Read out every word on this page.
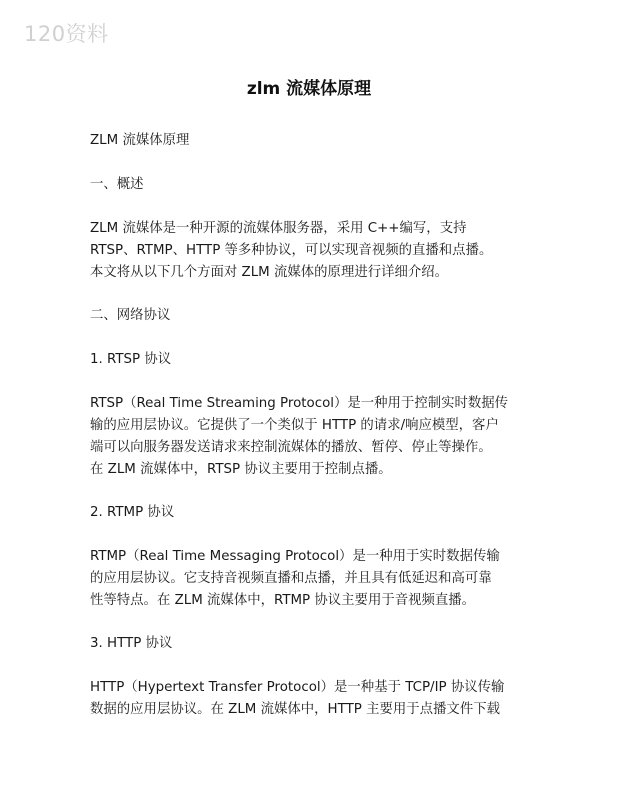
120资料
zlm 流媒体原理

ZLM 流媒体原理

一、概述

ZLM 流媒体是一种开源的流媒体服务器，采用 C++编写，支持
RTSP、RTMP、HTTP 等多种协议，可以实现音视频的直播和点播。
本文将从以下几个方面对 ZLM 流媒体的原理进行详细介绍。

二、网络协议

1. RTSP 协议

RTSP（Real Time Streaming Protocol）是一种用于控制实时数据传
输的应用层协议。它提供了一个类似于 HTTP 的请求/响应模型，客户
端可以向服务器发送请求来控制流媒体的播放、暂停、停止等操作。
在 ZLM 流媒体中，RTSP 协议主要用于控制点播。

2. RTMP 协议

RTMP（Real Time Messaging Protocol）是一种用于实时数据传输
的应用层协议。它支持音视频直播和点播，并且具有低延迟和高可靠
性等特点。在 ZLM 流媒体中，RTMP 协议主要用于音视频直播。

3. HTTP 协议

HTTP（Hypertext Transfer Protocol）是一种基于 TCP/IP 协议传输
数据的应用层协议。在 ZLM 流媒体中，HTTP 主要用于点播文件下载
